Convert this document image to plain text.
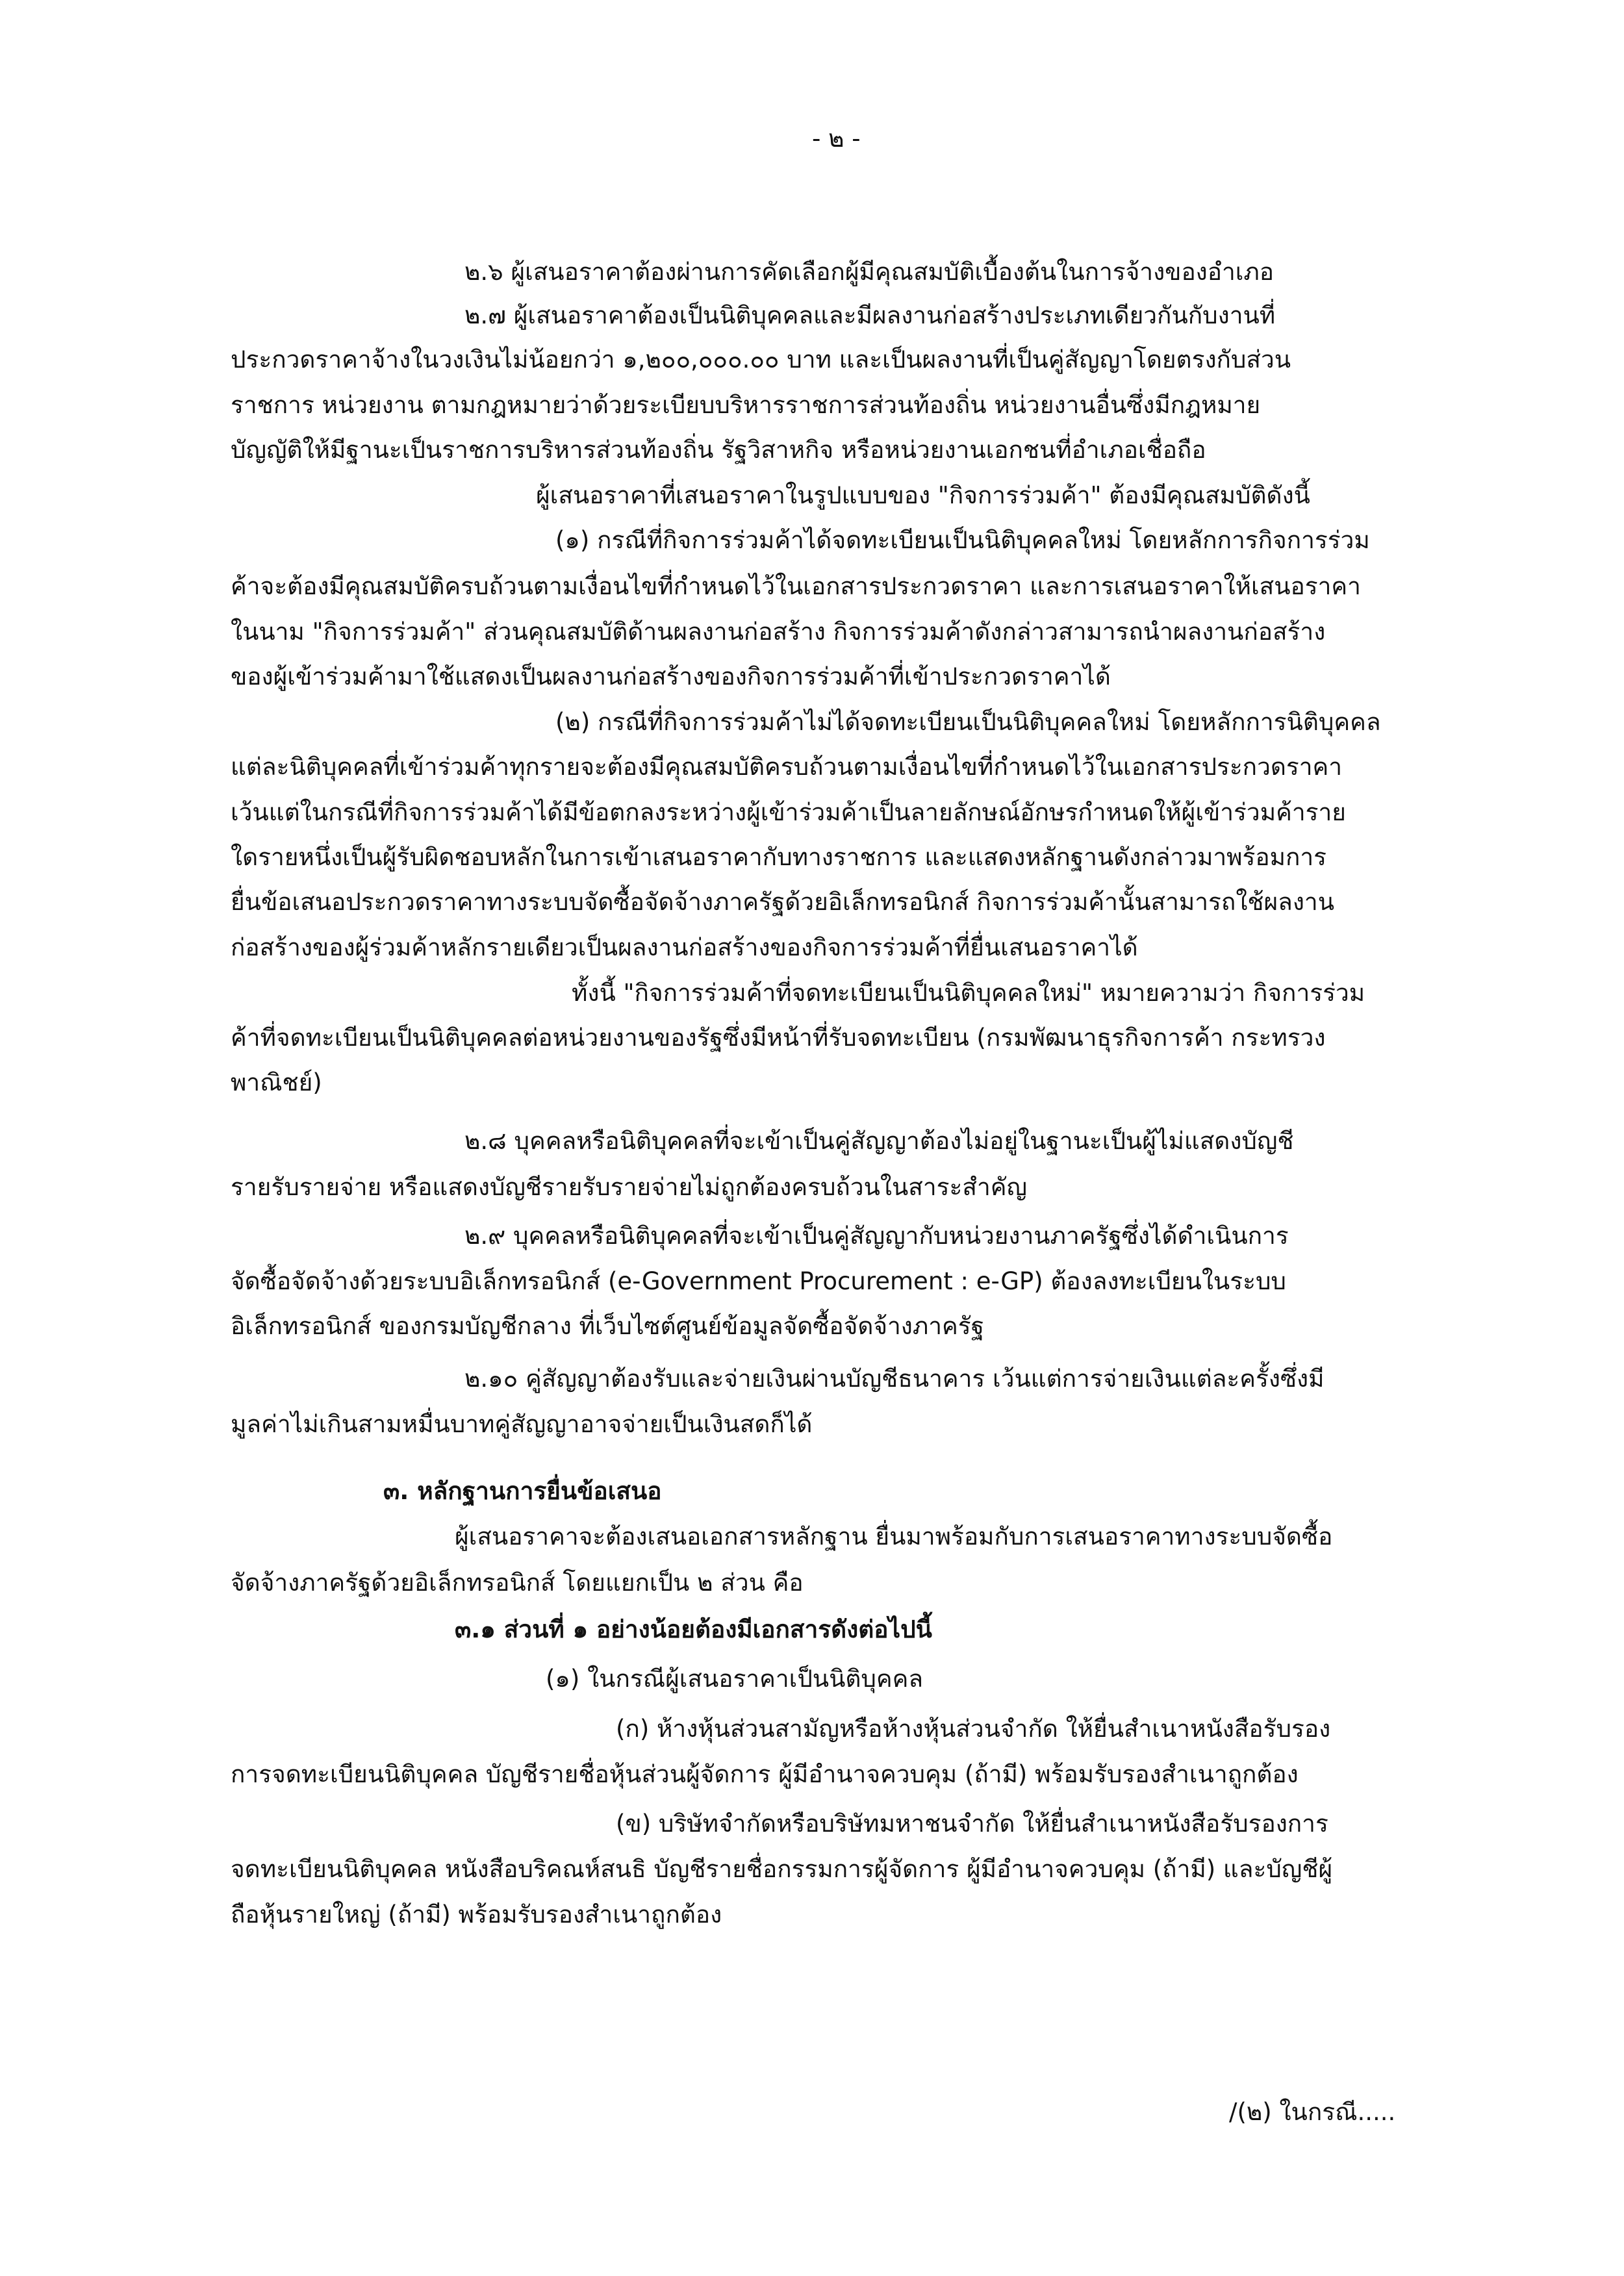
- ๒ -
๒.๖ ผู้เสนอราคาต้องผ่านการคัดเลือกผู้มีคุณสมบัติเบื้องต้นในการจ้างของอำเภอ
๒.๗ ผู้เสนอราคาต้องเป็นนิติบุคคลและมีผลงานก่อสร้างประเภทเดียวกันกับงานที่
ประกวดราคาจ้างในวงเงินไม่น้อยกว่า ๑,๒๐๐,๐๐๐.๐๐ บาท และเป็นผลงานที่เป็นคู่สัญญาโดยตรงกับส่วน
ราชการ หน่วยงาน ตามกฎหมายว่าด้วยระเบียบบริหารราชการส่วนท้องถิ่น หน่วยงานอื่นซึ่งมีกฎหมาย
บัญญัติให้มีฐานะเป็นราชการบริหารส่วนท้องถิ่น รัฐวิสาหกิจ หรือหน่วยงานเอกชนที่อำเภอเชื่อถือ
ผู้เสนอราคาที่เสนอราคาในรูปแบบของ "กิจการร่วมค้า" ต้องมีคุณสมบัติดังนี้
(๑) กรณีที่กิจการร่วมค้าได้จดทะเบียนเป็นนิติบุคคลใหม่ โดยหลักการกิจการร่วม
ค้าจะต้องมีคุณสมบัติครบถ้วนตามเงื่อนไขที่กำหนดไว้ในเอกสารประกวดราคา และการเสนอราคาให้เสนอราคา
ในนาม "กิจการร่วมค้า" ส่วนคุณสมบัติด้านผลงานก่อสร้าง กิจการร่วมค้าดังกล่าวสามารถนำผลงานก่อสร้าง
ของผู้เข้าร่วมค้ามาใช้แสดงเป็นผลงานก่อสร้างของกิจการร่วมค้าที่เข้าประกวดราคาได้
(๒) กรณีที่กิจการร่วมค้าไม่ได้จดทะเบียนเป็นนิติบุคคลใหม่ โดยหลักการนิติบุคคล
แต่ละนิติบุคคลที่เข้าร่วมค้าทุกรายจะต้องมีคุณสมบัติครบถ้วนตามเงื่อนไขที่กำหนดไว้ในเอกสารประกวดราคา
เว้นแต่ในกรณีที่กิจการร่วมค้าได้มีข้อตกลงระหว่างผู้เข้าร่วมค้าเป็นลายลักษณ์อักษรกำหนดให้ผู้เข้าร่วมค้าราย
ใดรายหนึ่งเป็นผู้รับผิดชอบหลักในการเข้าเสนอราคากับทางราชการ และแสดงหลักฐานดังกล่าวมาพร้อมการ
ยื่นข้อเสนอประกวดราคาทางระบบจัดซื้อจัดจ้างภาครัฐด้วยอิเล็กทรอนิกส์ กิจการร่วมค้านั้นสามารถใช้ผลงาน
ก่อสร้างของผู้ร่วมค้าหลักรายเดียวเป็นผลงานก่อสร้างของกิจการร่วมค้าที่ยื่นเสนอราคาได้
ทั้งนี้ "กิจการร่วมค้าที่จดทะเบียนเป็นนิติบุคคลใหม่" หมายความว่า กิจการร่วม
ค้าที่จดทะเบียนเป็นนิติบุคคลต่อหน่วยงานของรัฐซึ่งมีหน้าที่รับจดทะเบียน (กรมพัฒนาธุรกิจการค้า กระทรวง
พาณิชย์)
๒.๘ บุคคลหรือนิติบุคคลที่จะเข้าเป็นคู่สัญญาต้องไม่อยู่ในฐานะเป็นผู้ไม่แสดงบัญชี
รายรับรายจ่าย หรือแสดงบัญชีรายรับรายจ่ายไม่ถูกต้องครบถ้วนในสาระสำคัญ
๒.๙ บุคคลหรือนิติบุคคลที่จะเข้าเป็นคู่สัญญากับหน่วยงานภาครัฐซึ่งได้ดำเนินการ
จัดซื้อจัดจ้างด้วยระบบอิเล็กทรอนิกส์ (e-Government Procurement : e-GP) ต้องลงทะเบียนในระบบ
อิเล็กทรอนิกส์ ของกรมบัญชีกลาง ที่เว็บไซต์ศูนย์ข้อมูลจัดซื้อจัดจ้างภาครัฐ
๒.๑๐ คู่สัญญาต้องรับและจ่ายเงินผ่านบัญชีธนาคาร เว้นแต่การจ่ายเงินแต่ละครั้งซึ่งมี
มูลค่าไม่เกินสามหมื่นบาทคู่สัญญาอาจจ่ายเป็นเงินสดก็ได้
๓. หลักฐานการยื่นข้อเสนอ
ผู้เสนอราคาจะต้องเสนอเอกสารหลักฐาน ยื่นมาพร้อมกับการเสนอราคาทางระบบจัดซื้อ
จัดจ้างภาครัฐด้วยอิเล็กทรอนิกส์ โดยแยกเป็น ๒ ส่วน คือ
๓.๑ ส่วนที่ ๑ อย่างน้อยต้องมีเอกสารดังต่อไปนี้
(๑) ในกรณีผู้เสนอราคาเป็นนิติบุคคล
(ก) ห้างหุ้นส่วนสามัญหรือห้างหุ้นส่วนจำกัด ให้ยื่นสำเนาหนังสือรับรอง
การจดทะเบียนนิติบุคคล บัญชีรายชื่อหุ้นส่วนผู้จัดการ ผู้มีอำนาจควบคุม (ถ้ามี) พร้อมรับรองสำเนาถูกต้อง
(ข) บริษัทจำกัดหรือบริษัทมหาชนจำกัด ให้ยื่นสำเนาหนังสือรับรองการ
จดทะเบียนนิติบุคคล หนังสือบริคณห์สนธิ บัญชีรายชื่อกรรมการผู้จัดการ ผู้มีอำนาจควบคุม (ถ้ามี) และบัญชีผู้
ถือหุ้นรายใหญ่ (ถ้ามี) พร้อมรับรองสำเนาถูกต้อง
/(๒) ในกรณี.....
